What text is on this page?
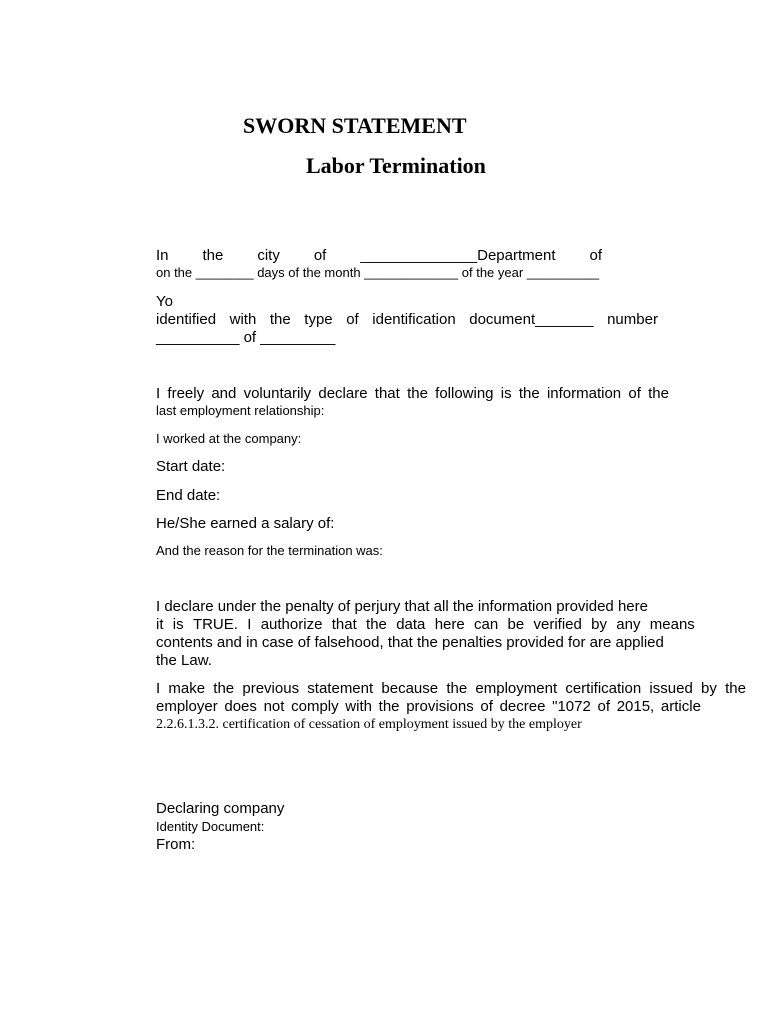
SWORN STATEMENT
Labor Termination
In the city of ______________Department of

on the ________ days of the month _____________ of the year __________

Yo

identified with the type of identification document_______ number

__________ of _________

I freely and voluntarily declare that the following is the information of the

last employment relationship:

I worked at the company:

Start date:

End date:

He/She earned a salary of:

And the reason for the termination was:

I declare under the penalty of perjury that all the information provided here

it is TRUE. I authorize that the data here can be verified by any means

contents and in case of falsehood, that the penalties provided for are applied

the Law.

I make the previous statement because the employment certification issued by the
employer does not comply with the provisions of decree "1072 of 2015, article

2.2.6.1.3.2. certification of cessation of employment issued by the employer

Declaring company

Identity Document:

From:
